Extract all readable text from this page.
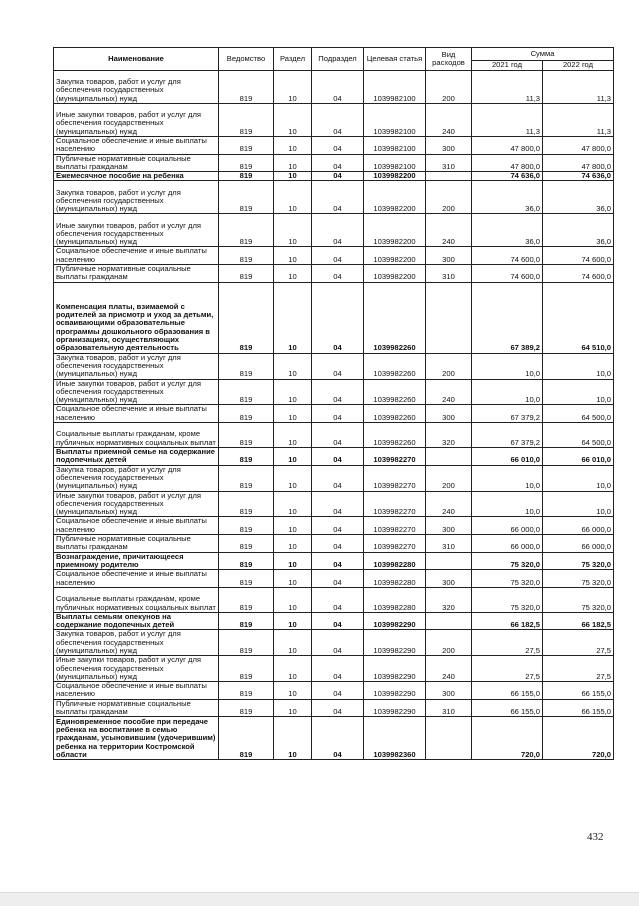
Наименование	Ведомство	Раздел	Подраздел	Целевая статья	Вид расходов	Сумма	
						2021 год	2022 год
Закупка товаров, работ и услуг для обеспечения государственных (муниципальных) нужд	819	10	04	1039982100	200	11,3	11,3
Иные закупки товаров, работ и услуг для обеспечения государственных (муниципальных) нужд	819	10	04	1039982100	240	11,3	11,3
Социальное обеспечение и иные выплаты населению	819	10	04	1039982100	300	47 800,0	47 800,0
Публичные нормативные социальные выплаты гражданам	819	10	04	1039982100	310	47 800,0	47 800,0
Ежемесячное пособие на ребенка	819	10	04	1039982200		74 636,0	74 636,0
Закупка товаров, работ и услуг для обеспечения государственных (муниципальных) нужд	819	10	04	1039982200	200	36,0	36,0
Иные закупки товаров, работ и услуг для обеспечения государственных (муниципальных) нужд	819	10	04	1039982200	240	36,0	36,0
Социальное обеспечение и иные выплаты населению	819	10	04	1039982200	300	74 600,0	74 600,0
Публичные нормативные социальные выплаты гражданам	819	10	04	1039982200	310	74 600,0	74 600,0
Компенсация платы, взимаемой с родителей за присмотр и уход за детьми, осваивающими образовательные программы дошкольного образования в организациях, осуществляющих образовательную деятельность	819	10	04	1039982260		67 389,2	64 510,0
Закупка товаров, работ и услуг для обеспечения государственных (муниципальных) нужд	819	10	04	1039982260	200	10,0	10,0
Иные закупки товаров, работ и услуг для обеспечения государственных (муниципальных) нужд	819	10	04	1039982260	240	10,0	10,0
Социальное обеспечение и иные выплаты населению	819	10	04	1039982260	300	67 379,2	64 500,0
Социальные выплаты гражданам, кроме публичных нормативных социальных выплат	819	10	04	1039982260	320	67 379,2	64 500,0
Выплаты приемной семье на содержание подопечных детей	819	10	04	1039982270		66 010,0	66 010,0
Закупка товаров, работ и услуг для обеспечения государственных (муниципальных) нужд	819	10	04	1039982270	200	10,0	10,0
Иные закупки товаров, работ и услуг для обеспечения государственных (муниципальных) нужд	819	10	04	1039982270	240	10,0	10,0
Социальное обеспечение и иные выплаты населению	819	10	04	1039982270	300	66 000,0	66 000,0
Публичные нормативные социальные выплаты гражданам	819	10	04	1039982270	310	66 000,0	66 000,0
Вознаграждение, причитающееся приемному родителю	819	10	04	1039982280		75 320,0	75 320,0
Социальное обеспечение и иные выплаты населению	819	10	04	1039982280	300	75 320,0	75 320,0
Социальные выплаты гражданам, кроме публичных нормативных социальных выплат	819	10	04	1039982280	320	75 320,0	75 320,0
Выплаты семьям опекунов на содержание подопечных детей	819	10	04	1039982290		66 182,5	66 182,5
Закупка товаров, работ и услуг для обеспечения государственных (муниципальных) нужд	819	10	04	1039982290	200	27,5	27,5
Иные закупки товаров, работ и услуг для обеспечения государственных (муниципальных) нужд	819	10	04	1039982290	240	27,5	27,5
Социальное обеспечение и иные выплаты населению	819	10	04	1039982290	300	66 155,0	66 155,0
Публичные нормативные социальные выплаты гражданам	819	10	04	1039982290	310	66 155,0	66 155,0
Единовременное пособие при передаче ребенка на воспитание в семью гражданам, усыновившим (удочерившим) ребенка на территории Костромской области	819	10	04	1039982360		720,0	720,0
432
